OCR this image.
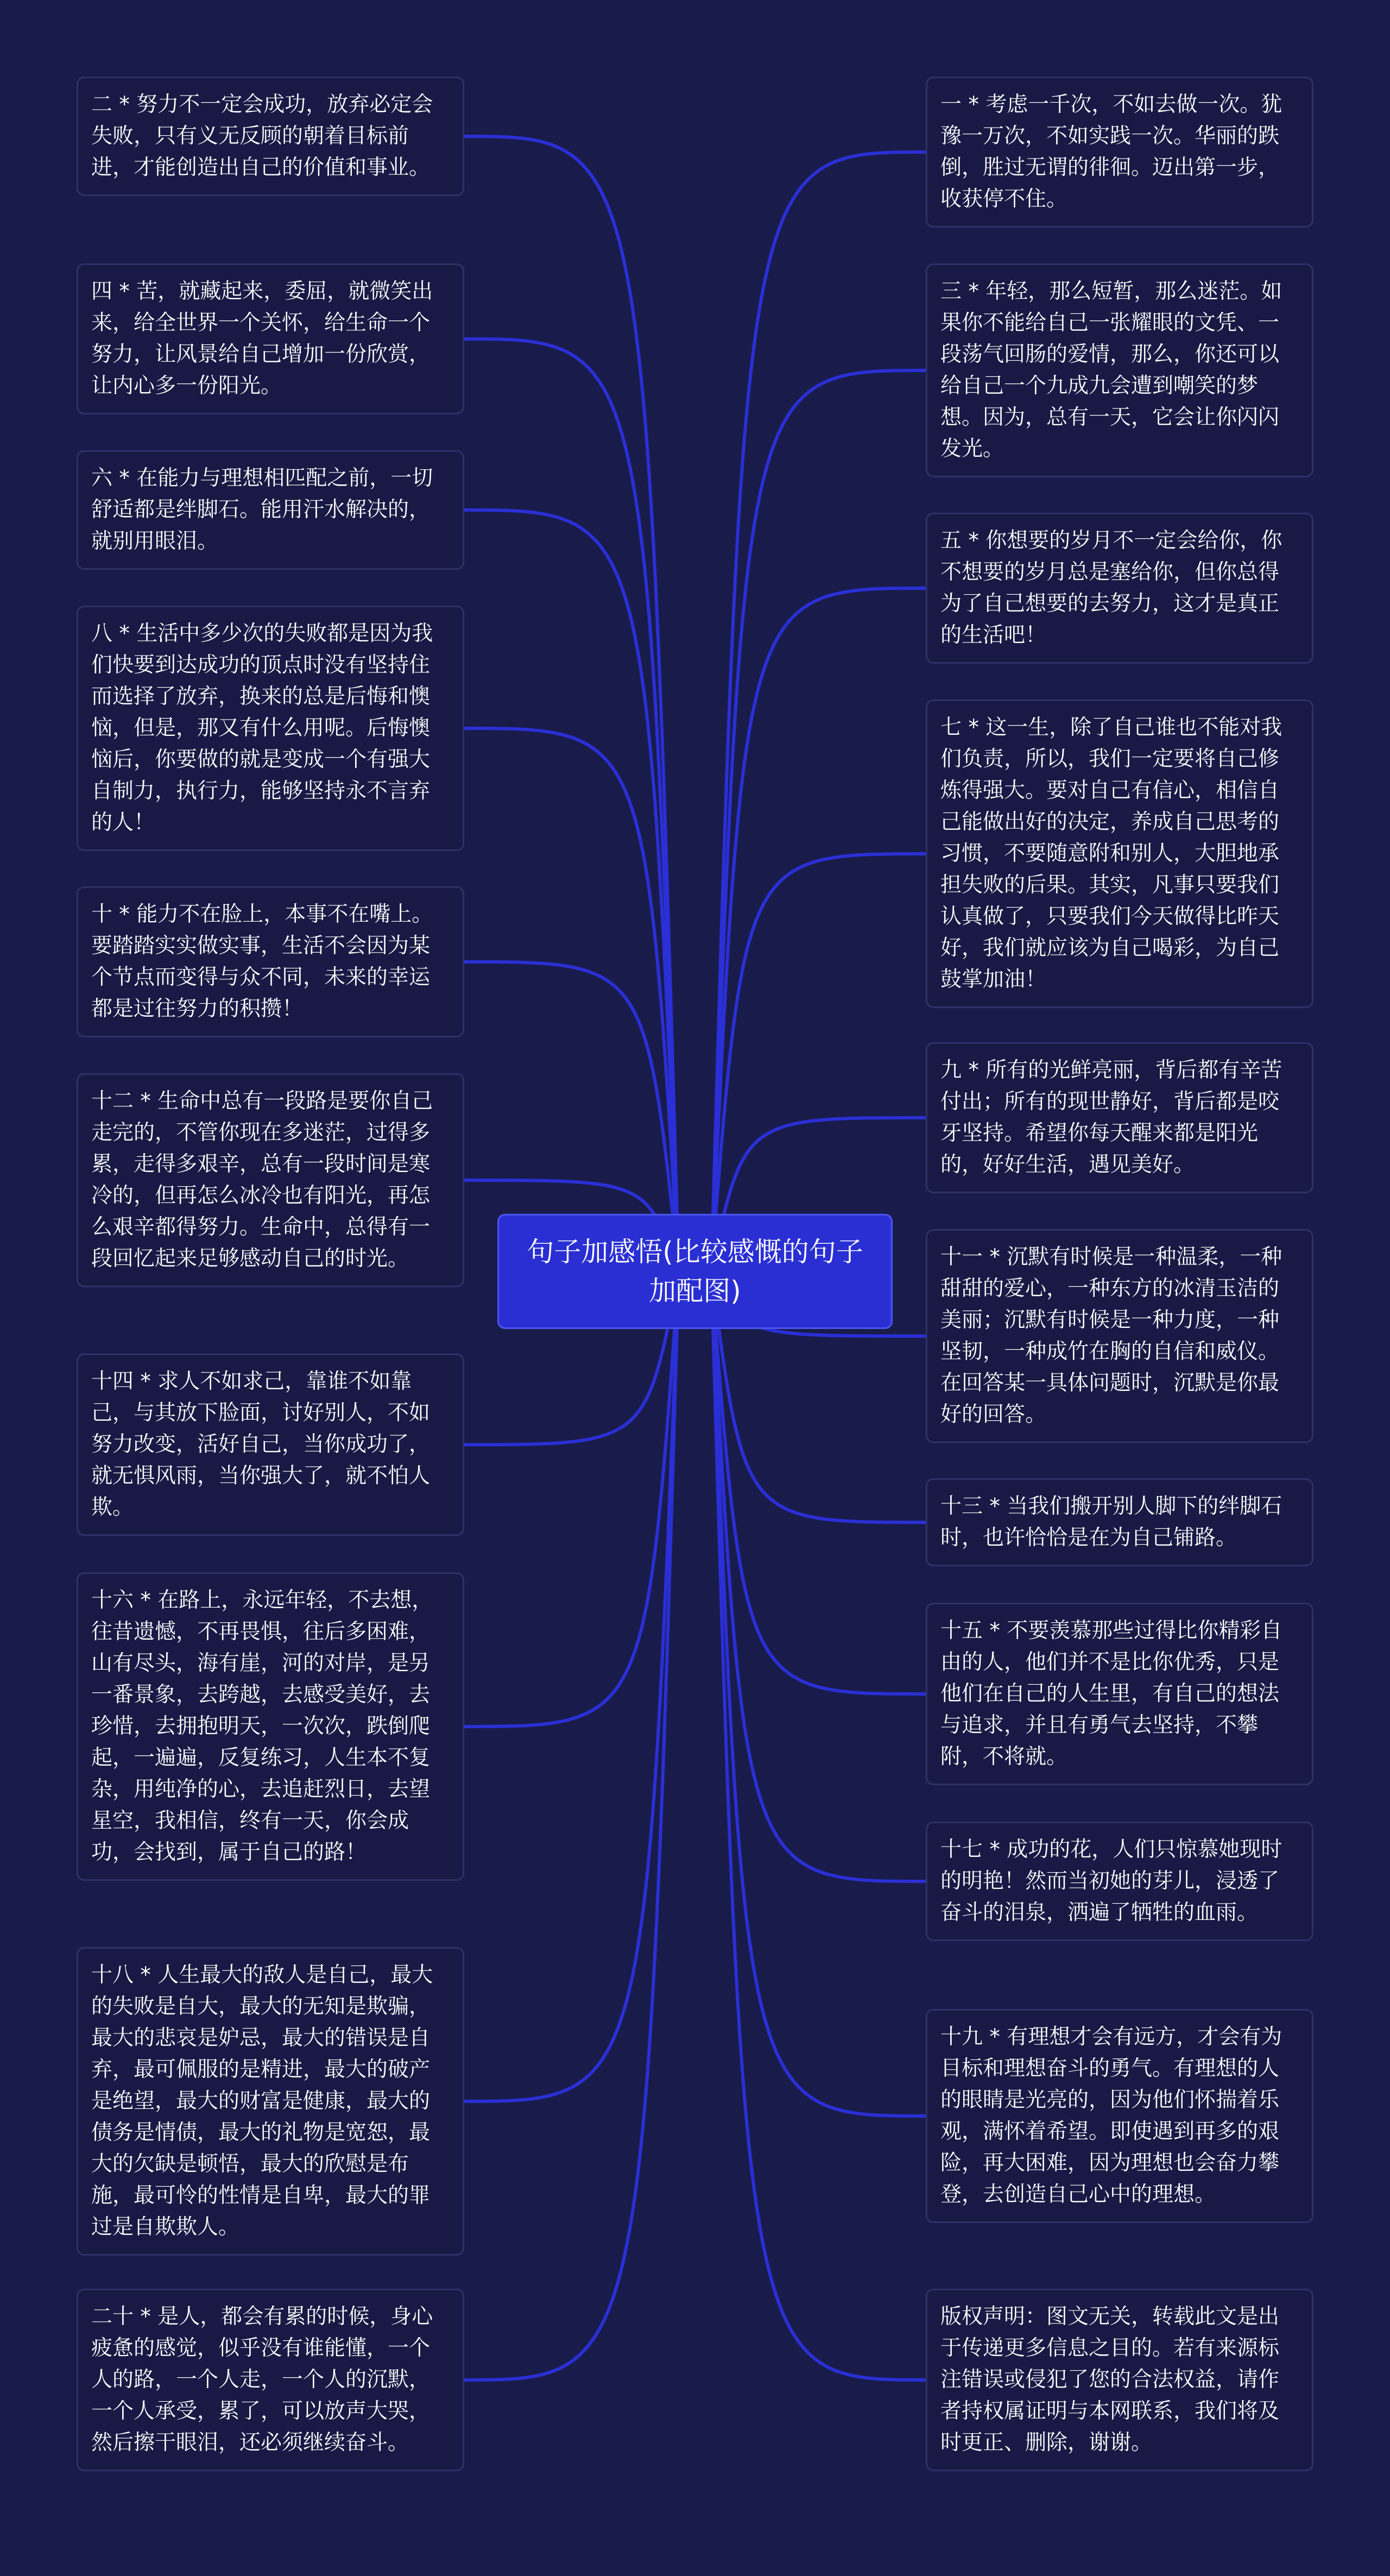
句子加感悟(比较感慨的句子加配图)
二 * 努力不一定会成功，放弃必定会失败，只有义无反顾的朝着目标前进，才能创造出自己的价值和事业。
四 * 苦，就藏起来，委屈，就微笑出来，给全世界一个关怀，给生命一个努力，让风景给自己增加一份欣赏，让内心多一份阳光。
六 * 在能力与理想相匹配之前，一切舒适都是绊脚石。能用汗水解决的，就别用眼泪。
八 * 生活中多少次的失败都是因为我们快要到达成功的顶点时没有坚持住而选择了放弃，换来的总是后悔和懊恼，但是，那又有什么用呢。后悔懊恼后，你要做的就是变成一个有强大自制力，执行力，能够坚持永不言弃的人！
十 * 能力不在脸上，本事不在嘴上。要踏踏实实做实事，生活不会因为某个节点而变得与众不同，未来的幸运都是过往努力的积攒！
十二 * 生命中总有一段路是要你自己走完的，不管你现在多迷茫，过得多累，走得多艰辛，总有一段时间是寒冷的，但再怎么冰冷也有阳光，再怎么艰辛都得努力。生命中，总得有一段回忆起来足够感动自己的时光。
十四 * 求人不如求己，靠谁不如靠己，与其放下脸面，讨好别人，不如努力改变，活好自己，当你成功了，就无惧风雨，当你强大了，就不怕人欺。
十六 * 在路上，永远年轻，不去想，往昔遗憾，不再畏惧，往后多困难，山有尽头，海有崖，河的对岸，是另一番景象，去跨越，去感受美好，去珍惜，去拥抱明天，一次次，跌倒爬起，一遍遍，反复练习，人生本不复杂，用纯净的心，去追赶烈日，去望星空，我相信，终有一天，你会成功，会找到，属于自己的路！
十八 * 人生最大的敌人是自己，最大的失败是自大，最大的无知是欺骗，最大的悲哀是妒忌，最大的错误是自弃，最可佩服的是精进，最大的破产是绝望，最大的财富是健康，最大的债务是情债，最大的礼物是宽恕，最大的欠缺是顿悟，最大的欣慰是布施，最可怜的性情是自卑，最大的罪过是自欺欺人。
二十 * 是人，都会有累的时候，身心疲惫的感觉，似乎没有谁能懂，一个人的路，一个人走，一个人的沉默，一个人承受，累了，可以放声大哭，然后擦干眼泪，还必须继续奋斗。
一 * 考虑一千次，不如去做一次。犹豫一万次，不如实践一次。华丽的跌倒，胜过无谓的徘徊。迈出第一步，收获停不住。
三 * 年轻，那么短暂，那么迷茫。如果你不能给自己一张耀眼的文凭、一段荡气回肠的爱情，那么，你还可以给自己一个九成九会遭到嘲笑的梦想。因为，总有一天，它会让你闪闪发光。
五 * 你想要的岁月不一定会给你，你不想要的岁月总是塞给你，但你总得为了自己想要的去努力，这才是真正的生活吧！
七 * 这一生，除了自己谁也不能对我们负责，所以，我们一定要将自己修炼得强大。要对自己有信心，相信自己能做出好的决定，养成自己思考的习惯，不要随意附和别人，大胆地承担失败的后果。其实，凡事只要我们认真做了，只要我们今天做得比昨天好，我们就应该为自己喝彩，为自己鼓掌加油！
九 * 所有的光鲜亮丽，背后都有辛苦付出；所有的现世静好，背后都是咬牙坚持。希望你每天醒来都是阳光的，好好生活，遇见美好。
十一 * 沉默有时候是一种温柔，一种甜甜的爱心，一种东方的冰清玉洁的美丽；沉默有时候是一种力度，一种坚韧，一种成竹在胸的自信和威仪。在回答某一具体问题时，沉默是你最好的回答。
十三 * 当我们搬开别人脚下的绊脚石时，也许恰恰是在为自己铺路。
十五 * 不要羡慕那些过得比你精彩自由的人，他们并不是比你优秀，只是他们在自己的人生里，有自己的想法与追求，并且有勇气去坚持，不攀附，不将就。
十七 * 成功的花，人们只惊慕她现时的明艳！然而当初她的芽儿，浸透了奋斗的泪泉，洒遍了牺牲的血雨。
十九 * 有理想才会有远方，才会有为目标和理想奋斗的勇气。有理想的人的眼睛是光亮的，因为他们怀揣着乐观，满怀着希望。即使遇到再多的艰险，再大困难，因为理想也会奋力攀登，去创造自己心中的理想。
版权声明：图文无关，转载此文是出于传递更多信息之目的。若有来源标注错误或侵犯了您的合法权益，请作者持权属证明与本网联系，我们将及时更正、删除，谢谢。
